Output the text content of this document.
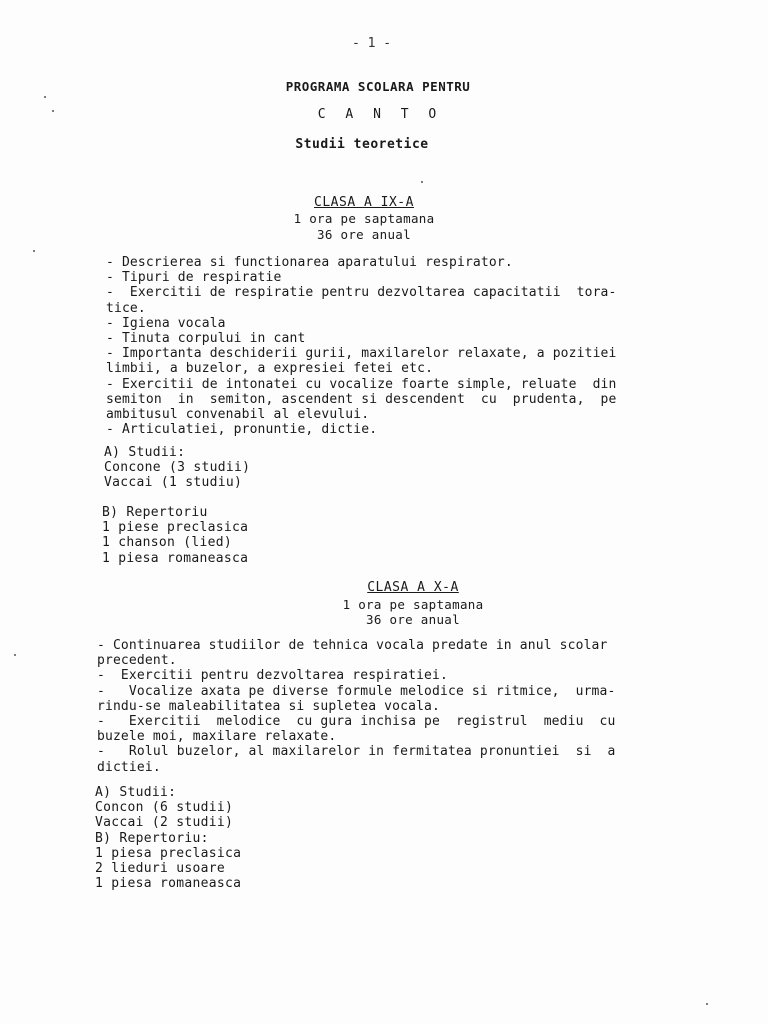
- 1 -
PROGRAMA SCOLARA PENTRU
C A N T O
Studii teoretice
CLASA A IX-A
1 ora pe saptamana
36 ore anual
- Descrierea si functionarea aparatului respirator.
- Tipuri de respiratie
-  Exercitii de respiratie pentru dezvoltarea capacitatii  tora-
tice.
- Igiena vocala
- Tinuta corpului in cant
- Importanta deschiderii gurii, maxilarelor relaxate, a pozitiei
limbii, a buzelor, a expresiei fetei etc.
- Exercitii de intonatei cu vocalize foarte simple, reluate  din
semiton  in  semiton, ascendent si descendent  cu  prudenta,  pe
ambitusul convenabil al elevului.
- Articulatiei, pronuntie, dictie.
A) Studii:
Concone (3 studii)
Vaccai (1 studiu)
B) Repertoriu
1 piese preclasica
1 chanson (lied)
1 piesa romaneasca
CLASA A X-A
1 ora pe saptamana
36 ore anual
- Continuarea studiilor de tehnica vocala predate in anul scolar
precedent.
-  Exercitii pentru dezvoltarea respiratiei.
-   Vocalize axata pe diverse formule melodice si ritmice,  urma-
rindu-se maleabilitatea si supletea vocala.
-   Exercitii  melodice  cu gura inchisa pe  registrul  mediu  cu
buzele moi, maxilare relaxate.
-   Rolul buzelor, al maxilarelor in fermitatea pronuntiei  si  a
dictiei.
A) Studii:
Concon (6 studii)
Vaccai (2 studii)
B) Repertoriu:
1 piesa preclasica
2 lieduri usoare
1 piesa romaneasca
